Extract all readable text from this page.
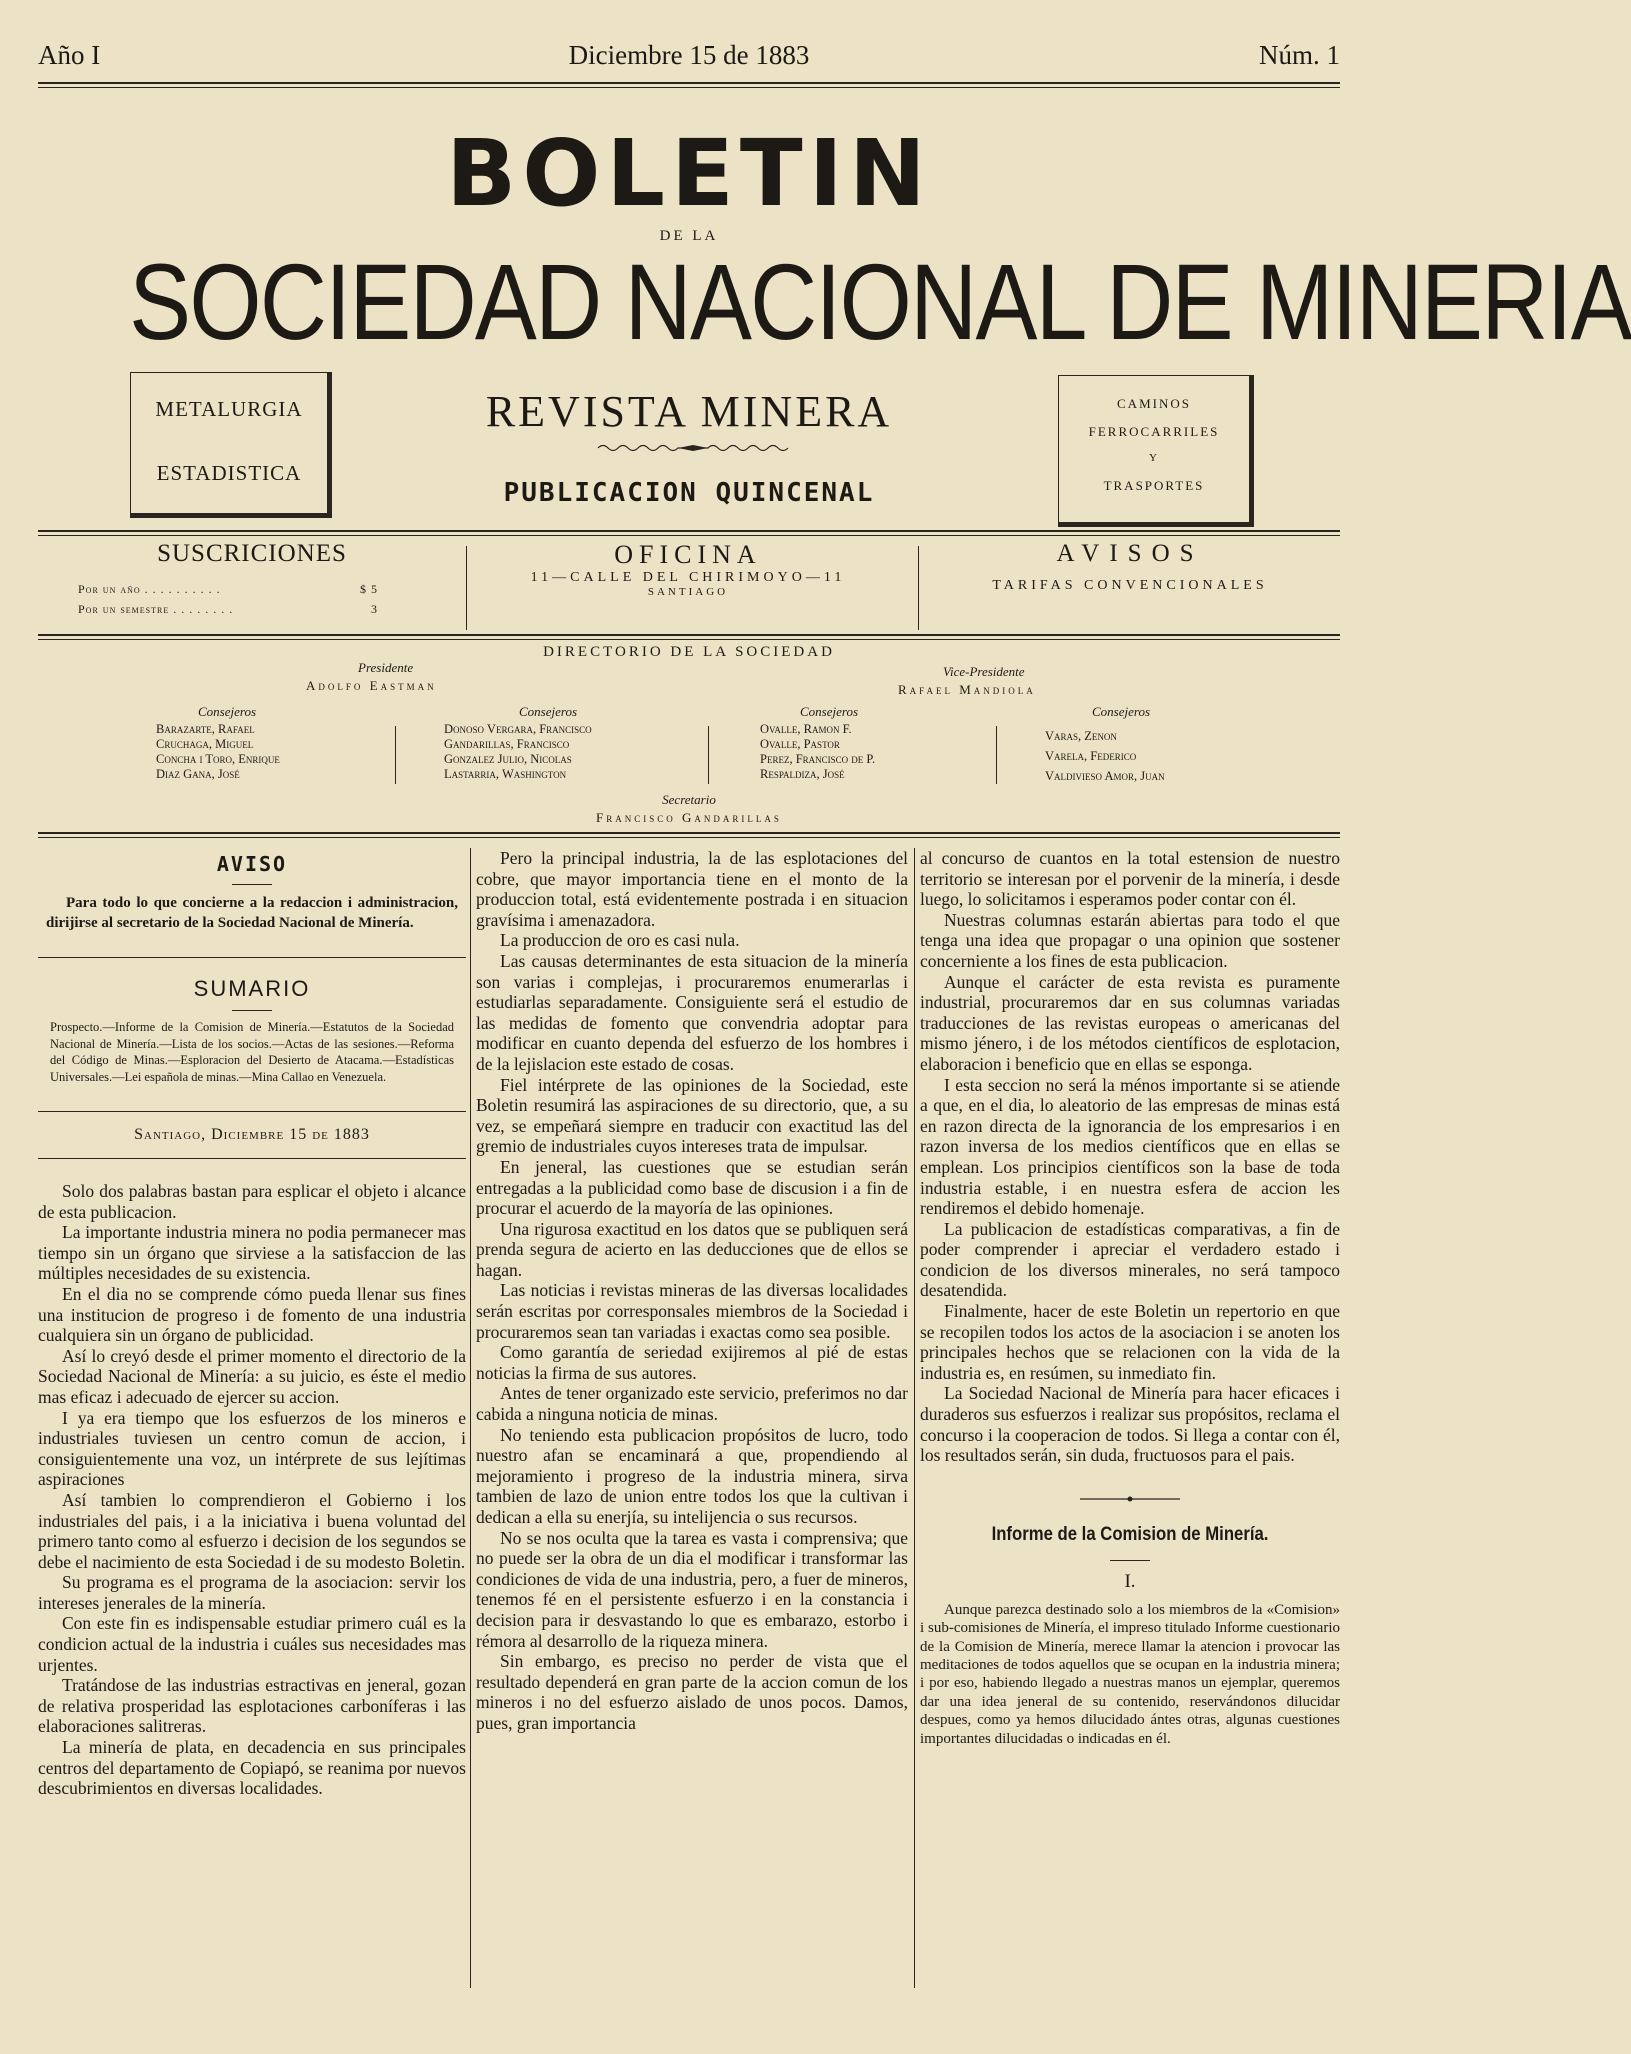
Año I	Diciembre 15 de 1883	Núm. 1
BOLETIN
DE LA
SOCIEDAD NACIONAL DE MINERIA
METALURGIA
ESTADISTICA
REVISTA MINERA
PUBLICACION QUINCENAL
CAMINOS
FERROCARRILES
Y
TRASPORTES
SUSCRICIONES
Por un año . . . . . . . . . .	$ 5
Por un semestre . . . . . . . .	3
OFICINA
11—CALLE DEL CHIRIMOYO—11
SANTIAGO
AVISOS
TARIFAS CONVENCIONALES
DIRECTORIO DE LA SOCIEDAD
Presidente
Adolfo Eastman
Vice-Presidente
Rafael Mandiola
Consejeros
Barazarte, Rafael
Cruchaga, Miguel
Concha i Toro, Enrique
Diaz Gana, José
Consejeros
Donoso Vergara, Francisco
Gandarillas, Francisco
Gonzalez Julio, Nicolas
Lastarria, Washington
Consejeros
Ovalle, Ramon F.
Ovalle, Pastor
Perez, Francisco de P.
Respaldiza, José
Consejeros
Varas, Zenon
Varela, Federico
Valdivieso Amor, Juan
Secretario
Francisco Gandarillas
AVISO
Para todo lo que concierne a la redaccion i administracion, dirijirse al secretario de la Sociedad Nacional de Minería.
SUMARIO
Prospecto.—Informe de la Comision de Minería.—Estatutos de la Sociedad Nacional de Minería.—Lista de los socios.—Actas de las sesiones.—Reforma del Código de Minas.—Esploracion del Desierto de Atacama.—Estadísticas Universales.—Lei española de minas.—Mina Callao en Venezuela.
Santiago, Diciembre 15 de 1883

Solo dos palabras bastan para esplicar el objeto i alcance de esta publicacion.

La importante industria minera no podia permanecer mas tiempo sin un órgano que sirviese a la satisfaccion de las múltiples necesidades de su existencia.

En el dia no se comprende cómo pueda llenar sus fines una institucion de progreso i de fomento de una industria cualquiera sin un órgano de publicidad.

Así lo creyó desde el primer momento el directorio de la Sociedad Nacional de Minería: a su juicio, es éste el medio mas eficaz i adecuado de ejercer su accion.

I ya era tiempo que los esfuerzos de los mineros e industriales tuviesen un centro comun de accion, i consiguientemente una voz, un intérprete de sus lejítimas aspiraciones

Así tambien lo comprendieron el Gobierno i los industriales del pais, i a la iniciativa i buena voluntad del primero tanto como al esfuerzo i decision de los segundos se debe el nacimiento de esta Sociedad i de su modesto Boletin.

Su programa es el programa de la asociacion: servir los intereses jenerales de la minería.

Con este fin es indispensable estudiar primero cuál es la condicion actual de la industria i cuáles sus necesidades mas urjentes.

Tratándose de las industrias estractivas en jeneral, gozan de relativa prosperidad las esplotaciones carboníferas i las elaboraciones salitreras.

La minería de plata, en decadencia en sus principales centros del departamento de Copiapó, se reanima por nuevos descubrimientos en diversas localidades.

Pero la principal industria, la de las esplotaciones del cobre, que mayor importancia tiene en el monto de la produccion total, está evidentemente postrada i en situacion gravísima i amenazadora.

La produccion de oro es casi nula.

Las causas determinantes de esta situacion de la minería son varias i complejas, i procuraremos enumerarlas i estudiarlas separadamente. Consiguiente será el estudio de las medidas de fomento que convendria adoptar para modificar en cuanto dependa del esfuerzo de los hombres i de la lejislacion este estado de cosas.

Fiel intérprete de las opiniones de la Sociedad, este Boletin resumirá las aspiraciones de su directorio, que, a su vez, se empeñará siempre en traducir con exactitud las del gremio de industriales cuyos intereses trata de impulsar.

En jeneral, las cuestiones que se estudian serán entregadas a la publicidad como base de discusion i a fin de procurar el acuerdo de la mayoría de las opiniones.

Una rigurosa exactitud en los datos que se publiquen será prenda segura de acierto en las deducciones que de ellos se hagan.

Las noticias i revistas mineras de las diversas localidades serán escritas por corresponsales miembros de la Sociedad i procuraremos sean tan variadas i exactas como sea posible.

Como garantía de seriedad exijiremos al pié de estas noticias la firma de sus autores.

Antes de tener organizado este servicio, preferimos no dar cabida a ninguna noticia de minas.

No teniendo esta publicacion propósitos de lucro, todo nuestro afan se encaminará a que, propendiendo al mejoramiento i progreso de la industria minera, sirva tambien de lazo de union entre todos los que la cultivan i dedican a ella su enerjía, su intelijencia o sus recursos.

No se nos oculta que la tarea es vasta i comprensiva; que no puede ser la obra de un dia el modificar i transformar las condiciones de vida de una industria, pero, a fuer de mineros, tenemos fé en el persistente esfuerzo i en la constancia i decision para ir desvastando lo que es embarazo, estorbo i rémora al desarrollo de la riqueza minera.

Sin embargo, es preciso no perder de vista que el resultado dependerá en gran parte de la accion comun de los mineros i no del esfuerzo aislado de unos pocos. Damos, pues, gran importancia

al concurso de cuantos en la total estension de nuestro territorio se interesan por el porvenir de la minería, i desde luego, lo solicitamos i esperamos poder contar con él.

Nuestras columnas estarán abiertas para todo el que tenga una idea que propagar o una opinion que sostener concerniente a los fines de esta publicacion.

Aunque el carácter de esta revista es puramente industrial, procuraremos dar en sus columnas variadas traducciones de las revistas europeas o americanas del mismo jénero, i de los métodos científicos de esplotacion, elaboracion i beneficio que en ellas se esponga.

I esta seccion no será la ménos importante si se atiende a que, en el dia, lo aleatorio de las empresas de minas está en razon directa de la ignorancia de los empresarios i en razon inversa de los medios científicos que en ellas se emplean. Los principios científicos son la base de toda industria estable, i en nuestra esfera de accion les rendiremos el debido homenaje.

La publicacion de estadísticas comparativas, a fin de poder comprender i apreciar el verdadero estado i condicion de los diversos minerales, no será tampoco desatendida.

Finalmente, hacer de este Boletin un repertorio en que se recopilen todos los actos de la asociacion i se anoten los principales hechos que se relacionen con la vida de la industria es, en resúmen, su inmediato fin.

La Sociedad Nacional de Minería para hacer eficaces i duraderos sus esfuerzos i realizar sus propósitos, reclama el concurso i la cooperacion de todos. Si llega a contar con él, los resultados serán, sin duda, fructuosos para el pais.

Informe de la Comision de Minería.
I.

Aunque parezca destinado solo a los miembros de la «Comision» i sub-comisiones de Minería, el impreso titulado Informe cuestionario de la Comision de Minería, merece llamar la atencion i provocar las meditaciones de todos aquellos que se ocupan en la industria minera; i por eso, habiendo llegado a nuestras manos un ejemplar, queremos dar una idea jeneral de su contenido, reservándonos dilucidar despues, como ya hemos dilucidado ántes otras, algunas cuestiones importantes dilucidadas o indicadas en él.
